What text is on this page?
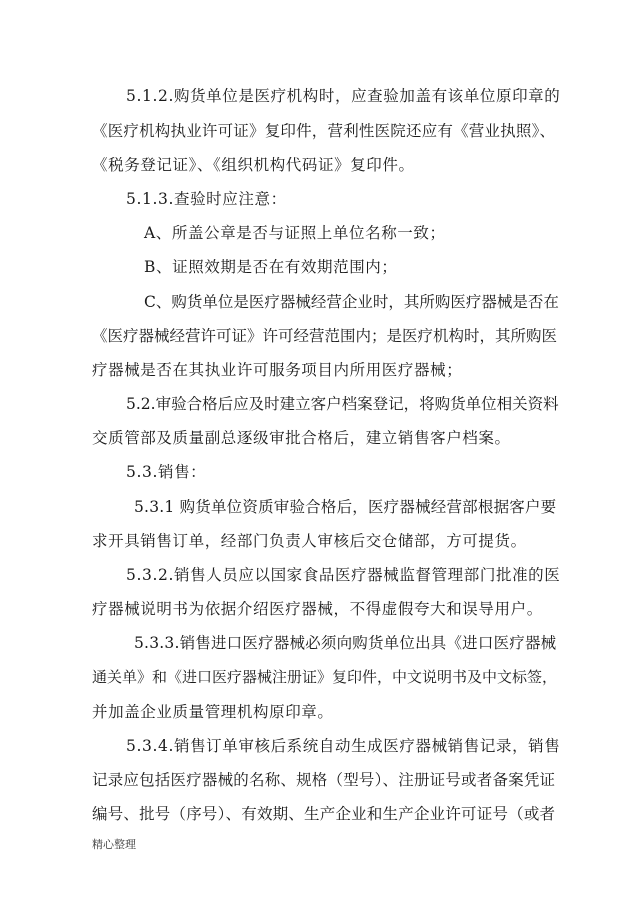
5.1.2.购货单位是医疗机构时，应查验加盖有该单位原印章的
《医疗机构执业许可证》复印件，营利性医院还应有《营业执照》、
《税务登记证》、《组织机构代码证》复印件。
5.1.3.查验时应注意：
A、所盖公章是否与证照上单位名称一致；
B、证照效期是否在有效期范围内；
C、购货单位是医疗器械经营企业时，其所购医疗器械是否在
《医疗器械经营许可证》许可经营范围内；是医疗机构时，其所购医
疗器械是否在其执业许可服务项目内所用医疗器械；
5.2.审验合格后应及时建立客户档案登记，将购货单位相关资料
交质管部及质量副总逐级审批合格后，建立销售客户档案。
5.3.销售：
5.3.1 购货单位资质审验合格后，医疗器械经营部根据客户要
求开具销售订单，经部门负责人审核后交仓储部，方可提货。
5.3.2.销售人员应以国家食品医疗器械监督管理部门批准的医
疗器械说明书为依据介绍医疗器械，不得虚假夸大和误导用户。
5.3.3.销售进口医疗器械必须向购货单位出具《进口医疗器械
通关单》和《进口医疗器械注册证》复印件，中文说明书及中文标签，
并加盖企业质量管理机构原印章。
5.3.4.销售订单审核后系统自动生成医疗器械销售记录，销售
记录应包括医疗器械的名称、规格（型号）、注册证号或者备案凭证
编号、批号（序号）、有效期、生产企业和生产企业许可证号（或者
精心整理
